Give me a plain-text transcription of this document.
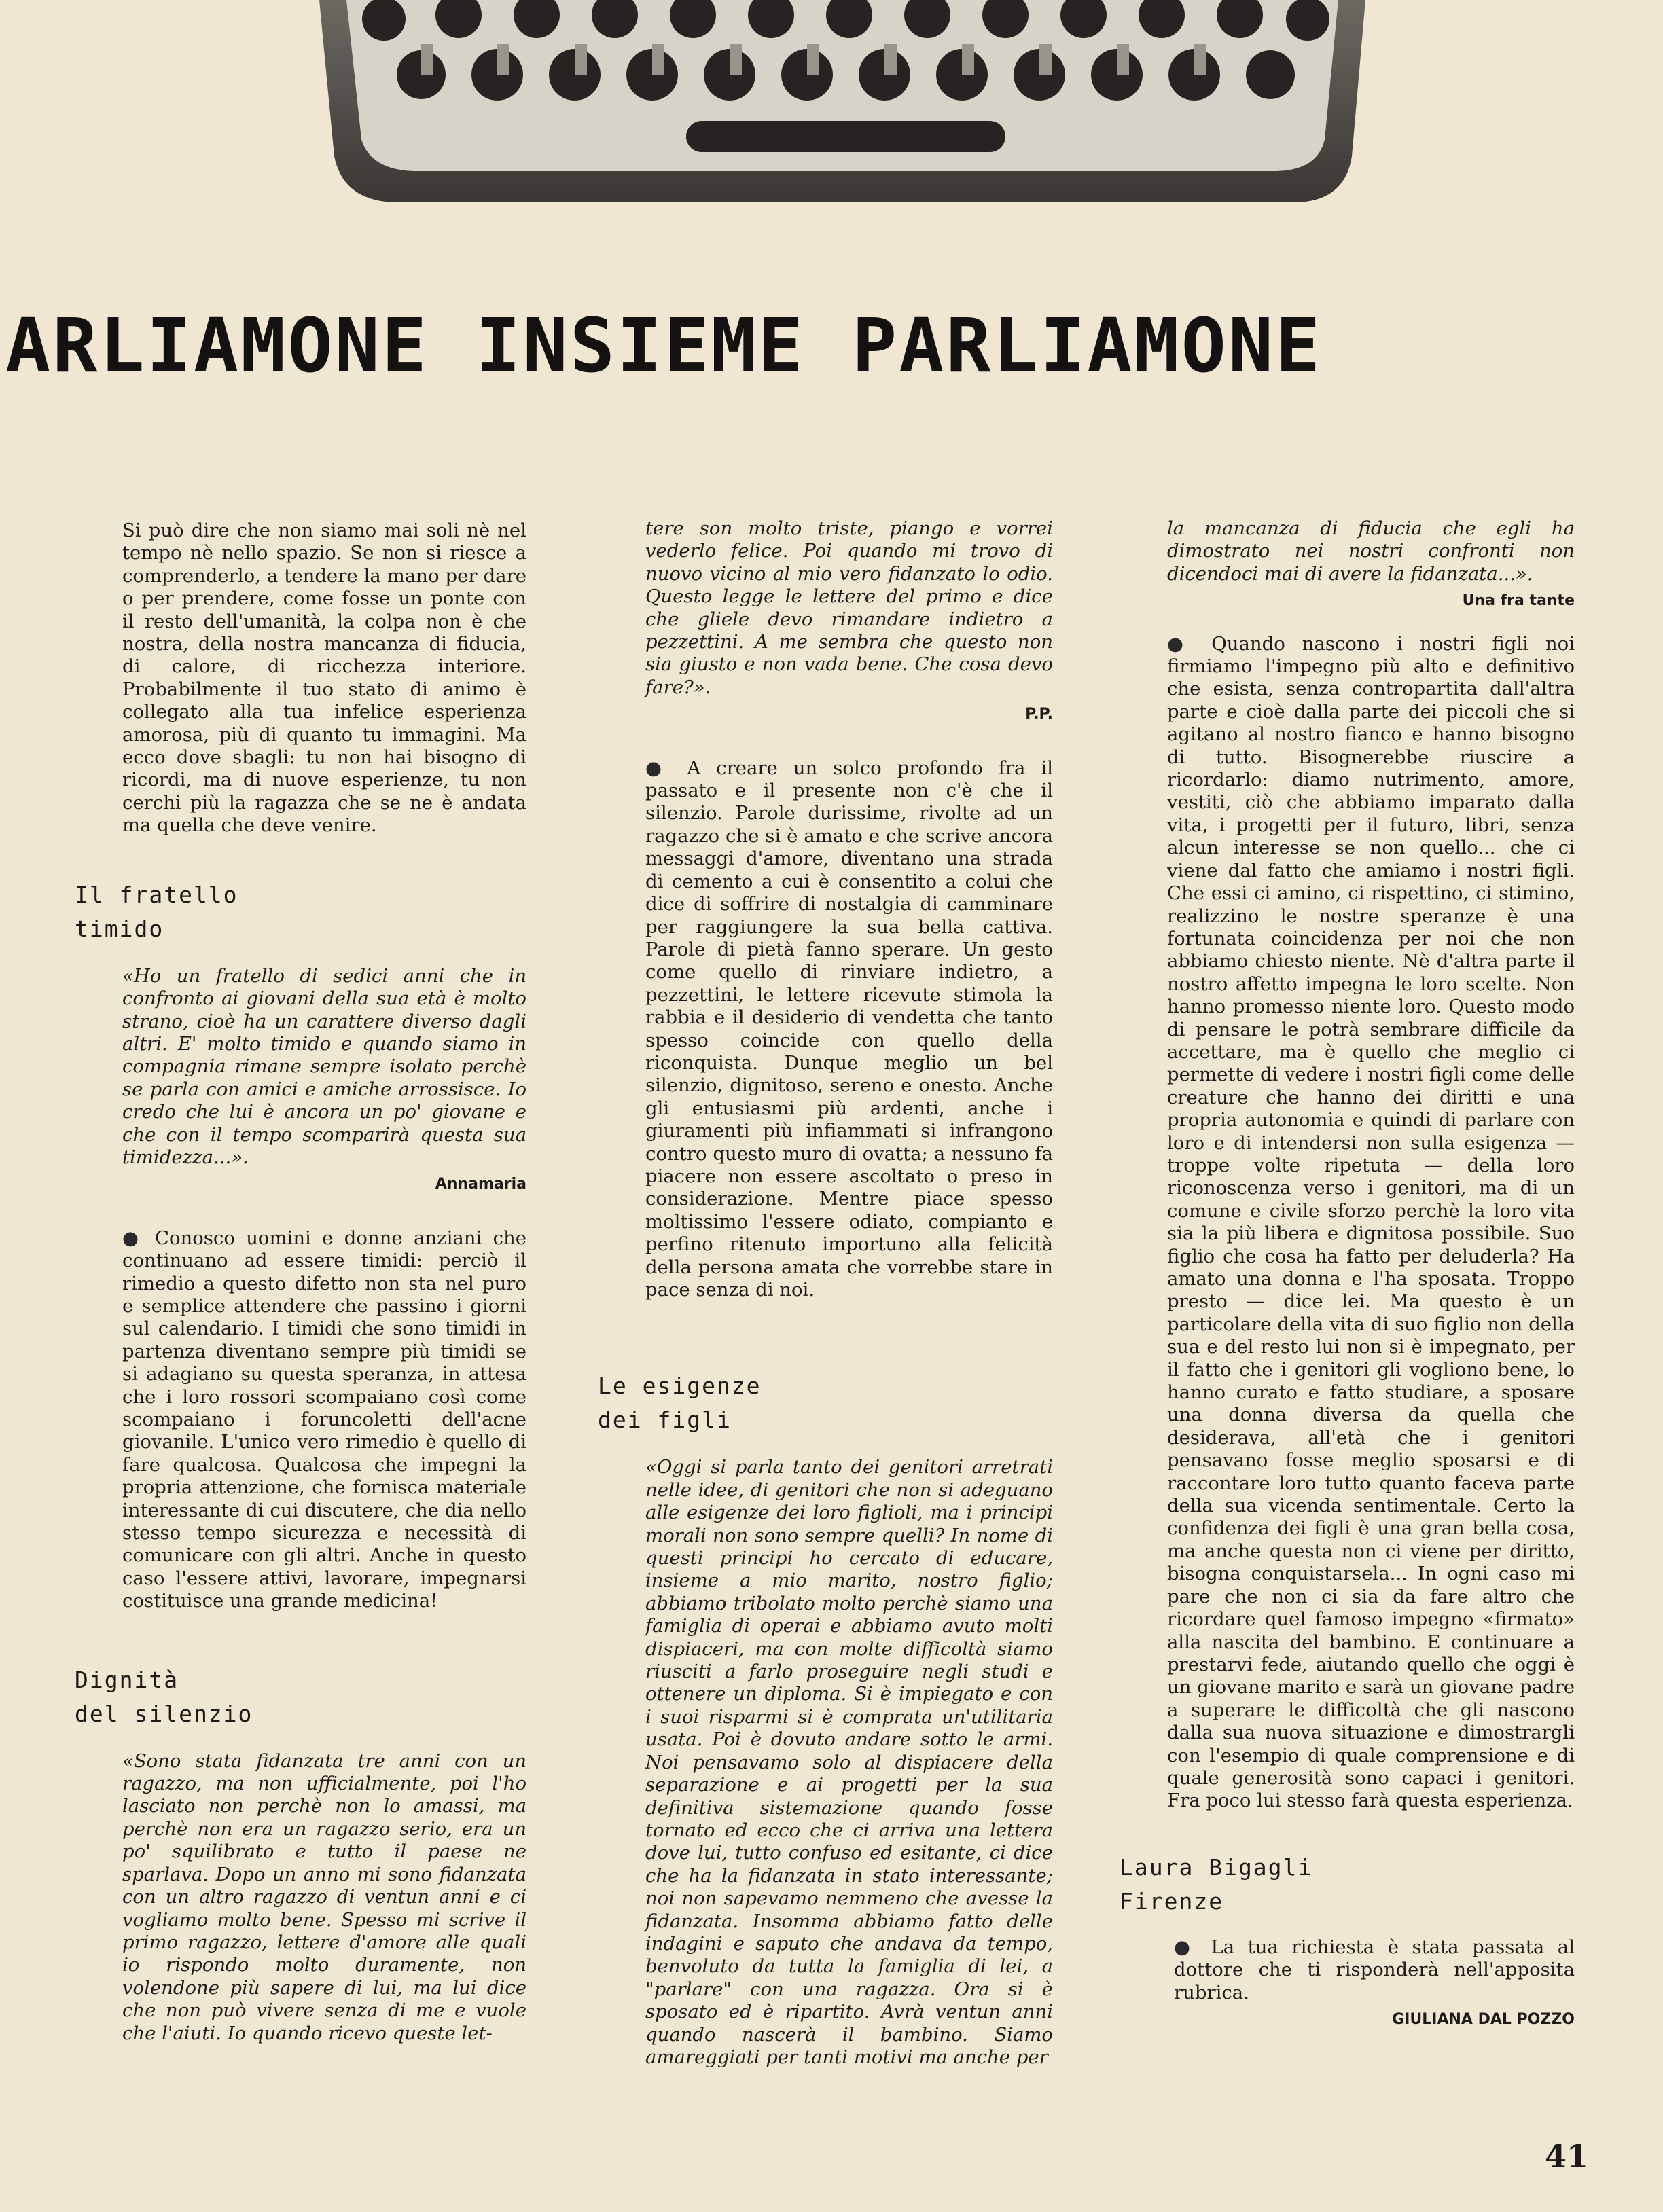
ARLIAMONE INSIEME PARLIAMONE

Si può dire che non siamo mai soli nè nel tempo nè nello spazio. Se non si riesce a comprenderlo, a tendere la mano per dare o per prendere, come fosse un ponte con il resto dell'umanità, la colpa non è che nostra, della nostra mancanza di fiducia, di calore, di ricchezza interiore. Probabilmente il tuo stato di animo è collegato alla tua infelice esperienza amorosa, più di quanto tu immagini. Ma ecco dove sbagli: tu non hai bisogno di ricordi, ma di nuove esperienze, tu non cerchi più la ragazza che se ne è andata ma quella che deve venire.

Il fratello

timido

«Ho un fratello di sedici anni che in confronto ai giovani della sua età è molto strano, cioè ha un carattere diverso dagli altri. E' molto timido e quando siamo in compagnia rimane sempre isolato perchè se parla con amici e amiche arrossisce. Io credo che lui è ancora un po' giovane e che con il tempo scomparirà questa sua timidezza...».

Annamaria

● Conosco uomini e donne anziani che continuano ad essere timidi: perciò il rimedio a questo difetto non sta nel puro e semplice attendere che passino i giorni sul calendario. I timidi che sono timidi in partenza diventano sempre più timidi se si adagiano su questa speranza, in attesa che i loro rossori scompaiano così come scompaiano i foruncoletti dell'acne giovanile. L'unico vero rimedio è quello di fare qualcosa. Qualcosa che impegni la propria attenzione, che fornisca materiale interessante di cui discutere, che dia nello stesso tempo sicurezza e necessità di comunicare con gli altri. Anche in questo caso l'essere attivi, lavorare, impegnarsi costituisce una grande medicina!

Dignità

del silenzio

«Sono stata fidanzata tre anni con un ragazzo, ma non ufficialmente, poi l'ho lasciato non perchè non lo amassi, ma perchè non era un ragazzo serio, era un po' squilibrato e tutto il paese ne sparlava. Dopo un anno mi sono fidanzata con un altro ragazzo di ventun anni e ci vogliamo molto bene. Spesso mi scrive il primo ragazzo, lettere d'amore alle quali io rispondo molto duramente, non volendone più sapere di lui, ma lui dice che non può vivere senza di me e vuole che l'aiuti. Io quando ricevo queste let-

tere son molto triste, piango e vorrei vederlo felice. Poi quando mi trovo di nuovo vicino al mio vero fidanzato lo odio. Questo legge le lettere del primo e dice che gliele devo rimandare indietro a pezzettini. A me sembra che questo non sia giusto e non vada bene. Che cosa devo fare?».

P.P.

● A creare un solco profondo fra il passato e il presente non c'è che il silenzio. Parole durissime, rivolte ad un ragazzo che si è amato e che scrive ancora messaggi d'amore, diventano una strada di cemento a cui è consentito a colui che dice di soffrire di nostalgia di camminare per raggiungere la sua bella cattiva. Parole di pietà fanno sperare. Un gesto come quello di rinviare indietro, a pezzettini, le lettere ricevute stimola la rabbia e il desiderio di vendetta che tanto spesso coincide con quello della riconquista. Dunque meglio un bel silenzio, dignitoso, sereno e onesto. Anche gli entusiasmi più ardenti, anche i giuramenti più infiammati si infrangono contro questo muro di ovatta; a nessuno fa piacere non essere ascoltato o preso in considerazione. Mentre piace spesso moltissimo l'essere odiato, compianto e perfino ritenuto importuno alla felicità della persona amata che vorrebbe stare in pace senza di noi.

Le esigenze

dei figli

«Oggi si parla tanto dei genitori arretrati nelle idee, di genitori che non si adeguano alle esigenze dei loro figlioli, ma i principi morali non sono sempre quelli? In nome di questi principi ho cercato di educare, insieme a mio marito, nostro figlio; abbiamo tribolato molto perchè siamo una famiglia di operai e abbiamo avuto molti dispiaceri, ma con molte difficoltà siamo riusciti a farlo proseguire negli studi e ottenere un diploma. Si è impiegato e con i suoi risparmi si è comprata un'utilitaria usata. Poi è dovuto andare sotto le armi. Noi pensavamo solo al dispiacere della separazione e ai progetti per la sua definitiva sistemazione quando fosse tornato ed ecco che ci arriva una lettera dove lui, tutto confuso ed esitante, ci dice che ha la fidanzata in stato interessante; noi non sapevamo nemmeno che avesse la fidanzata. Insomma abbiamo fatto delle indagini e saputo che andava da tempo, benvoluto da tutta la famiglia di lei, a "parlare" con una ragazza. Ora si è sposato ed è ripartito. Avrà ventun anni quando nascerà il bambino. Siamo amareggiati per tanti motivi ma anche per

la mancanza di fiducia che egli ha dimostrato nei nostri confronti non dicendoci mai di avere la fidanzata...».

Una fra tante

● Quando nascono i nostri figli noi firmiamo l'impegno più alto e definitivo che esista, senza contropartita dall'altra parte e cioè dalla parte dei piccoli che si agitano al nostro fianco e hanno bisogno di tutto. Bisognerebbe riuscire a ricordarlo: diamo nutrimento, amore, vestiti, ciò che abbiamo imparato dalla vita, i progetti per il futuro, libri, senza alcun interesse se non quello... che ci viene dal fatto che amiamo i nostri figli. Che essi ci amino, ci rispettino, ci stimino, realizzino le nostre speranze è una fortunata coincidenza per noi che non abbiamo chiesto niente. Nè d'altra parte il nostro affetto impegna le loro scelte. Non hanno promesso niente loro. Questo modo di pensare le potrà sembrare difficile da accettare, ma è quello che meglio ci permette di vedere i nostri figli come delle creature che hanno dei diritti e una propria autonomia e quindi di parlare con loro e di intendersi non sulla esigenza — troppe volte ripetuta — della loro riconoscenza verso i genitori, ma di un comune e civile sforzo perchè la loro vita sia la più libera e dignitosa possibile. Suo figlio che cosa ha fatto per deluderla? Ha amato una donna e l'ha sposata. Troppo presto — dice lei. Ma questo è un particolare della vita di suo figlio non della sua e del resto lui non si è impegnato, per il fatto che i genitori gli vogliono bene, lo hanno curato e fatto studiare, a sposare una donna diversa da quella che desiderava, all'età che i genitori pensavano fosse meglio sposarsi e di raccontare loro tutto quanto faceva parte della sua vicenda sentimentale. Certo la confidenza dei figli è una gran bella cosa, ma anche questa non ci viene per diritto, bisogna conquistarsela... In ogni caso mi pare che non ci sia da fare altro che ricordare quel famoso impegno «firmato» alla nascita del bambino. E continuare a prestarvi fede, aiutando quello che oggi è un giovane marito e sarà un giovane padre a superare le difficoltà che gli nascono dalla sua nuova situazione e dimostrargli con l'esempio di quale comprensione e di quale generosità sono capaci i genitori. Fra poco lui stesso farà questa esperienza.

Laura Bigagli

Firenze

● La tua richiesta è stata passata al dottore che ti risponderà nell'apposita rubrica.

GIULIANA DAL POZZO

41
